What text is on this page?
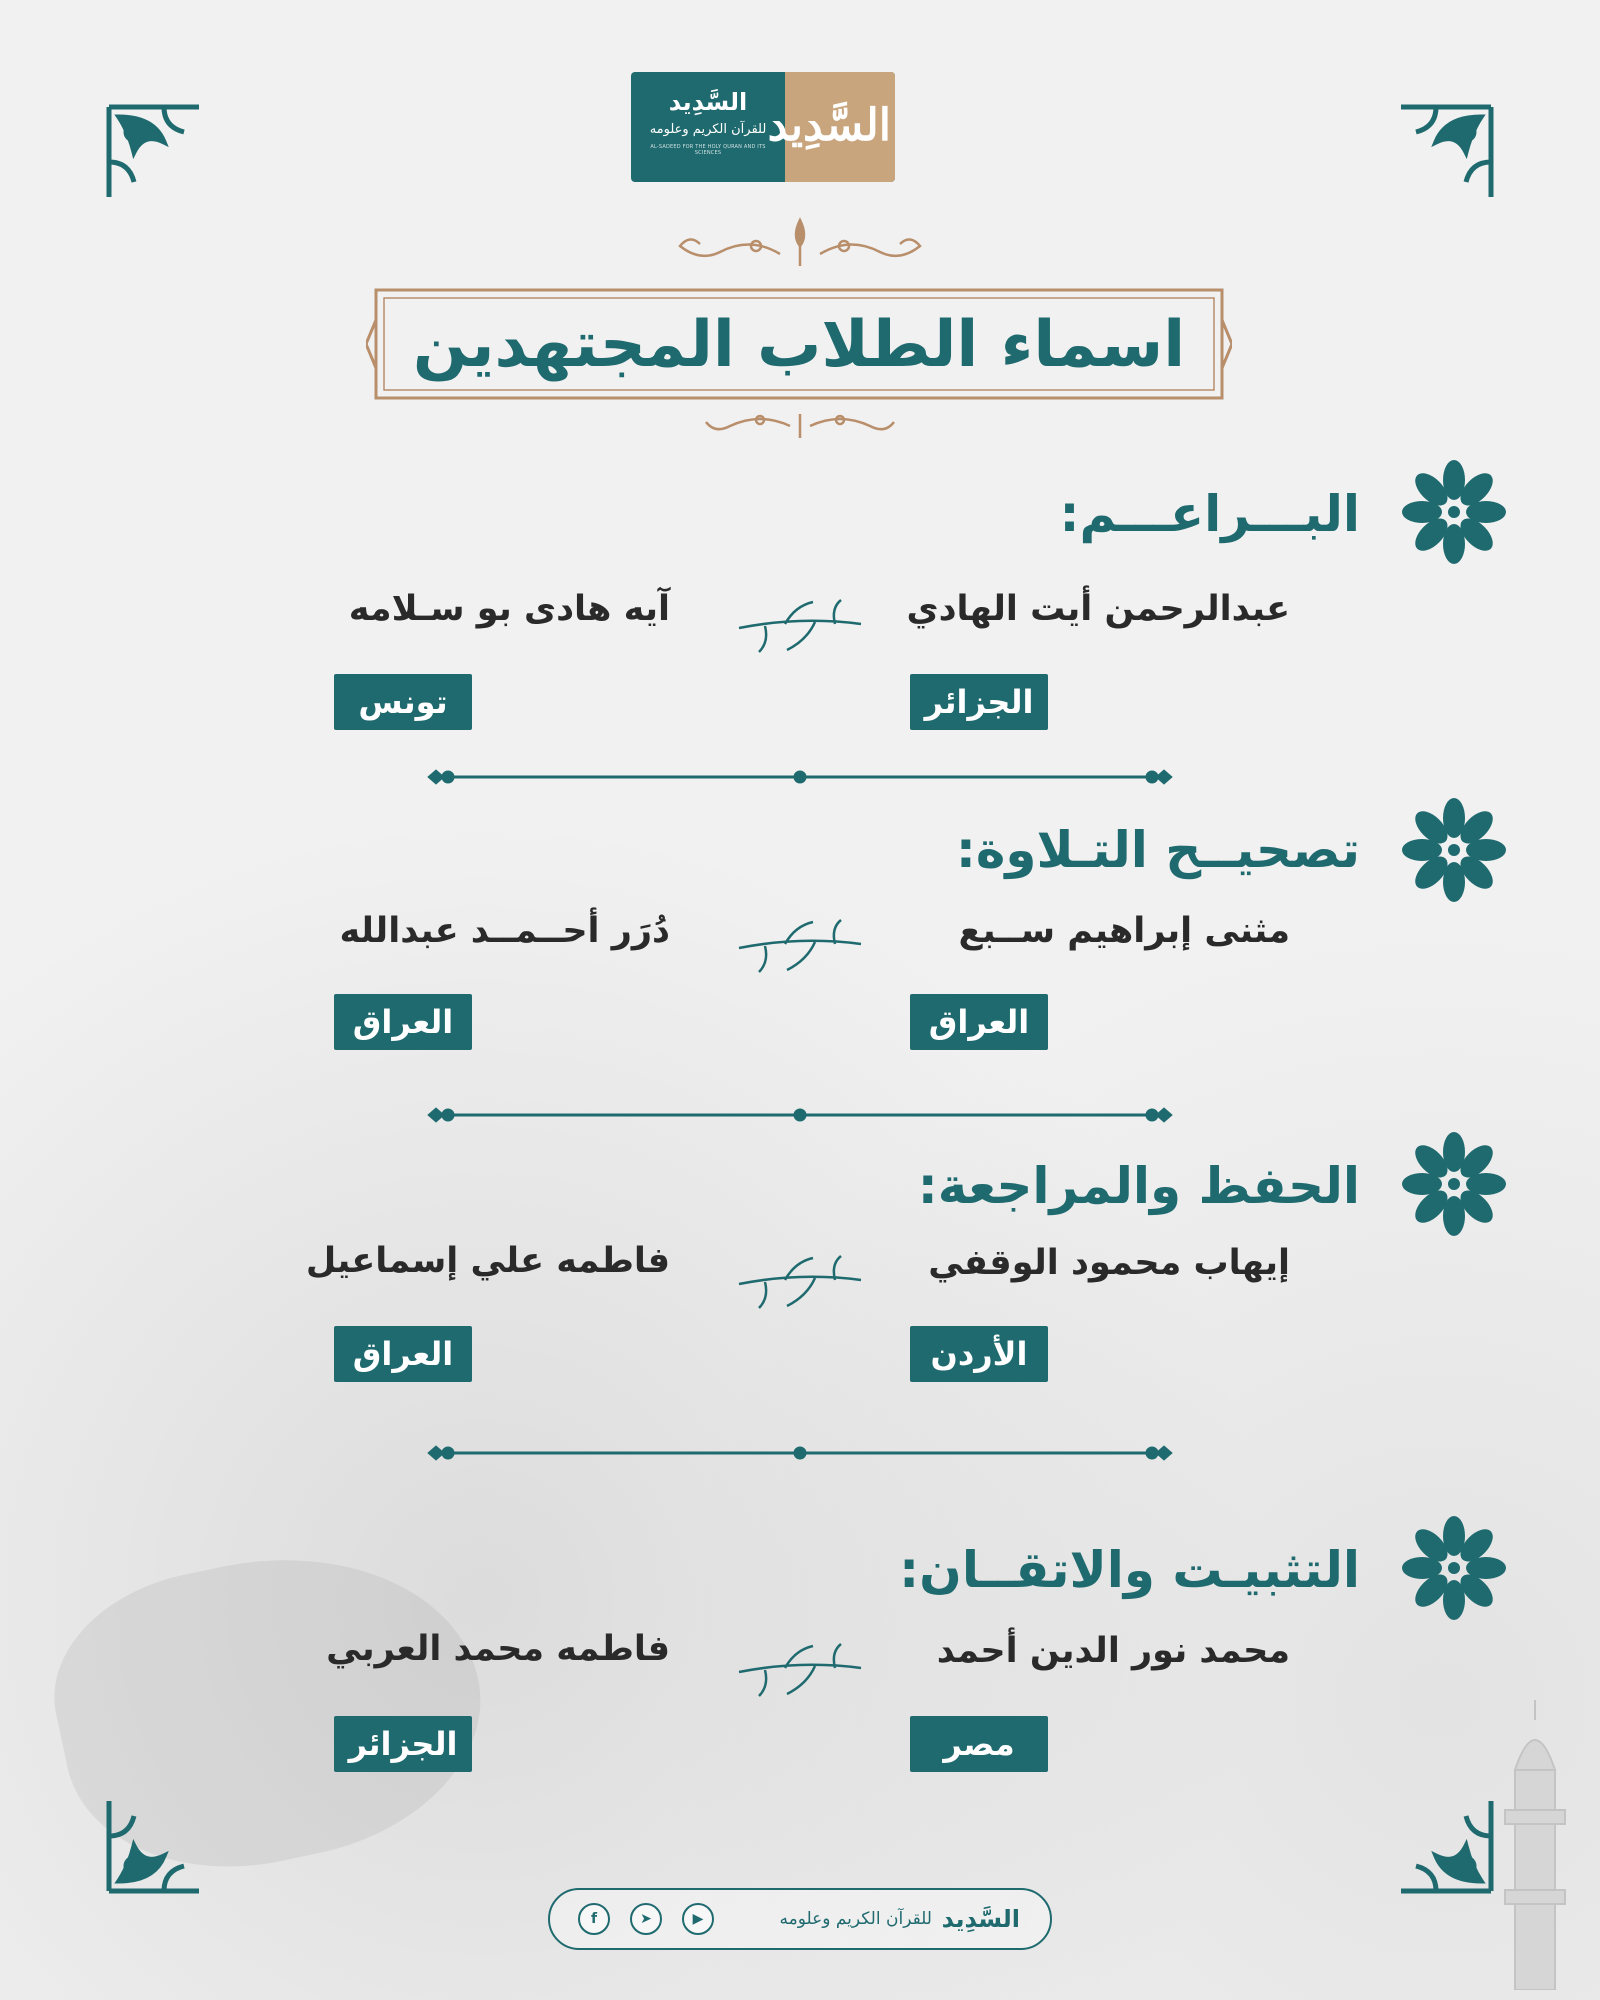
السَّدِيد
السَّدِيد
للقرآن الكريم وعلومه
AL-SADEED FOR THE HOLY QURAN AND ITS SCIENCES
اسماء الطلاب المجتهدين
البـــراعـــم:
عبدالرحمن أيت الهادي
آيه هادى بو سـلامه
الجزائر
تونس
تصحيــح التـلاوة:
مثنى إبراهيم ســبع
دُرَر أحــمــد عبدالله
العراق
العراق
الحفظ والمراجعة:
إيهاب محمود الوقفي
فاطمه علي إسماعيل
الأردن
العراق
التثبيـت والاتقــان:
محمد نور الدين أحمد
فاطمه محمد العربي
مصر
الجزائر
السَّدِيد
للقرآن الكريم وعلومه
▶
➤
f
